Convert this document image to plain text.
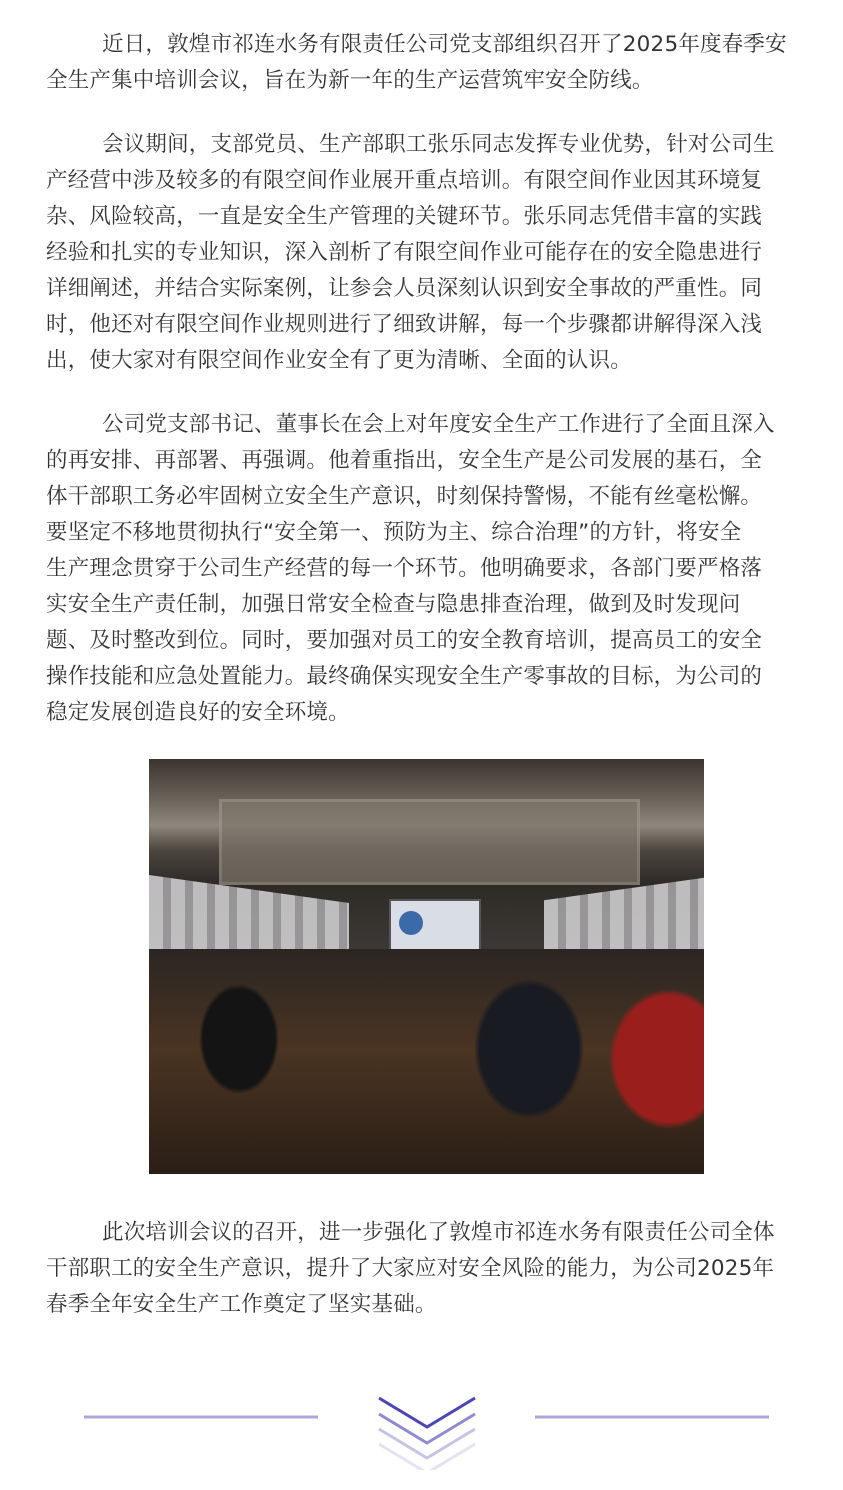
近日，敦煌市祁连水务有限责任公司党支部组织召开了2025年度春季安
全生产集中培训会议，旨在为新一年的生产运营筑牢安全防线。
会议期间，支部党员、生产部职工张乐同志发挥专业优势，针对公司生
产经营中涉及较多的有限空间作业展开重点培训。有限空间作业因其环境复
杂、风险较高，一直是安全生产管理的关键环节。张乐同志凭借丰富的实践
经验和扎实的专业知识，深入剖析了有限空间作业可能存在的安全隐患进行
详细阐述，并结合实际案例，让参会人员深刻认识到安全事故的严重性。同
时，他还对有限空间作业规则进行了细致讲解，每一个步骤都讲解得深入浅
出，使大家对有限空间作业安全有了更为清晰、全面的认识。
公司党支部书记、董事长在会上对年度安全生产工作进行了全面且深入
的再安排、再部署、再强调。他着重指出，安全生产是公司发展的基石，全
体干部职工务必牢固树立安全生产意识，时刻保持警惕，不能有丝毫松懈。
要坚定不移地贯彻执行“安全第一、预防为主、综合治理”的方针，将安全
生产理念贯穿于公司生产经营的每一个环节。他明确要求，各部门要严格落
实安全生产责任制，加强日常安全检查与隐患排查治理，做到及时发现问
题、及时整改到位。同时，要加强对员工的安全教育培训，提高员工的安全
操作技能和应急处置能力。最终确保实现安全生产零事故的目标，为公司的
稳定发展创造良好的安全环境。
此次培训会议的召开，进一步强化了敦煌市祁连水务有限责任公司全体
干部职工的安全生产意识，提升了大家应对安全风险的能力，为公司2025年
春季全年安全生产工作奠定了坚实基础。
